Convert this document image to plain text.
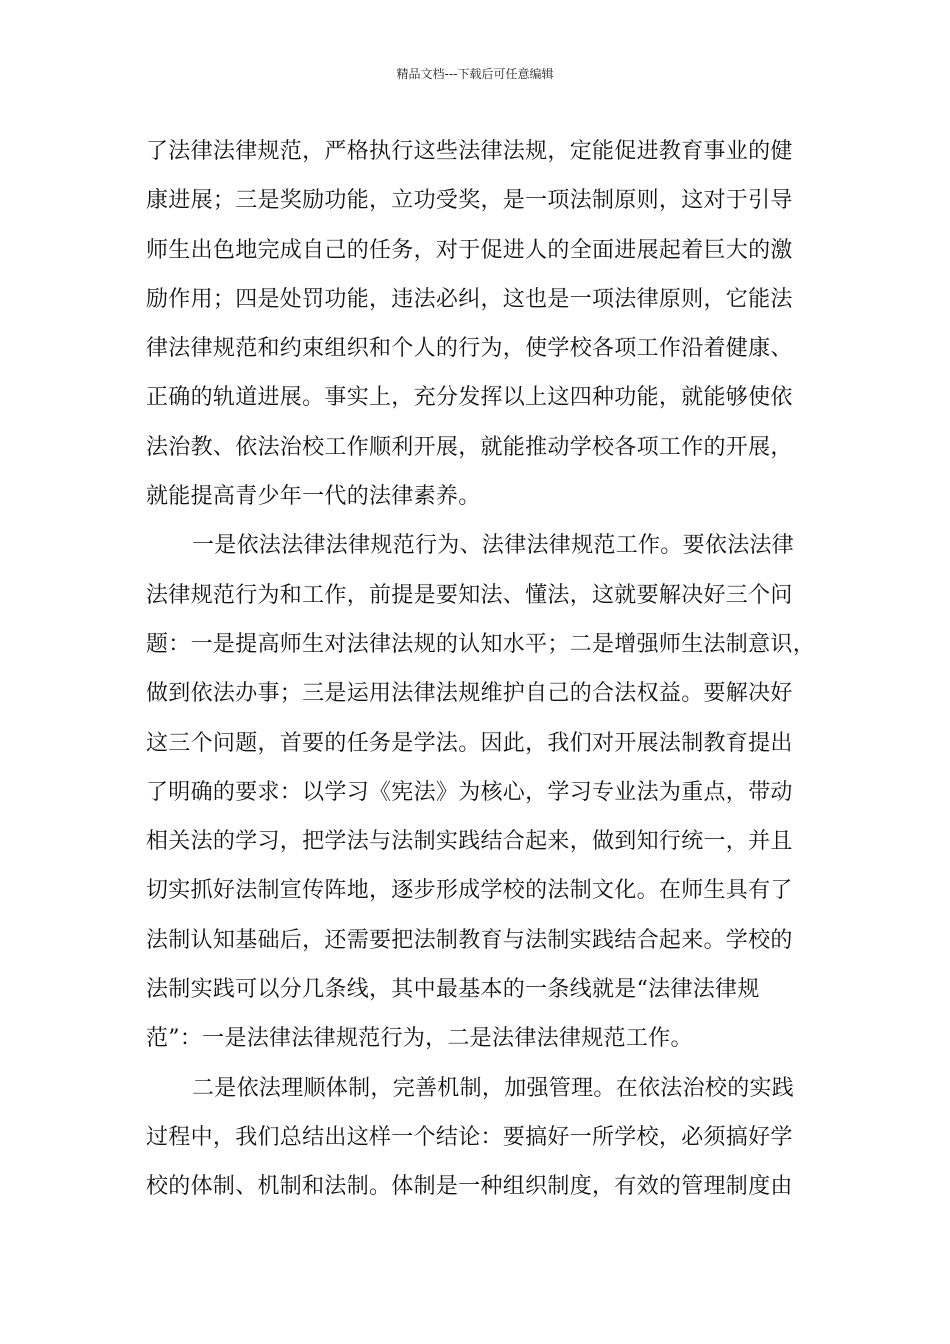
精品文档---下载后可任意编辑
了法律法律规范，严格执行这些法律法规，定能促进教育事业的健
康进展；三是奖励功能，立功受奖，是一项法制原则，这对于引导
师生出色地完成自己的任务，对于促进人的全面进展起着巨大的激
励作用；四是处罚功能，违法必纠，这也是一项法律原则，它能法
律法律规范和约束组织和个人的行为，使学校各项工作沿着健康、
正确的轨道进展。事实上，充分发挥以上这四种功能，就能够使依
法治教、依法治校工作顺利开展，就能推动学校各项工作的开展，
就能提高青少年一代的法律素养。
一是依法法律法律规范行为、法律法律规范工作。要依法法律
法律规范行为和工作，前提是要知法、懂法，这就要解决好三个问
题：一是提高师生对法律法规的认知水平；二是增强师生法制意识，
做到依法办事；三是运用法律法规维护自己的合法权益。要解决好
这三个问题，首要的任务是学法。因此，我们对开展法制教育提出
了明确的要求：以学习《宪法》为核心，学习专业法为重点，带动
相关法的学习，把学法与法制实践结合起来，做到知行统一，并且
切实抓好法制宣传阵地，逐步形成学校的法制文化。在师生具有了
法制认知基础后，还需要把法制教育与法制实践结合起来。学校的
法制实践可以分几条线，其中最基本的一条线就是“法律法律规
范”：一是法律法律规范行为，二是法律法律规范工作。
二是依法理顺体制，完善机制，加强管理。在依法治校的实践
过程中，我们总结出这样一个结论：要搞好一所学校，必须搞好学
校的体制、机制和法制。体制是一种组织制度，有效的管理制度由
